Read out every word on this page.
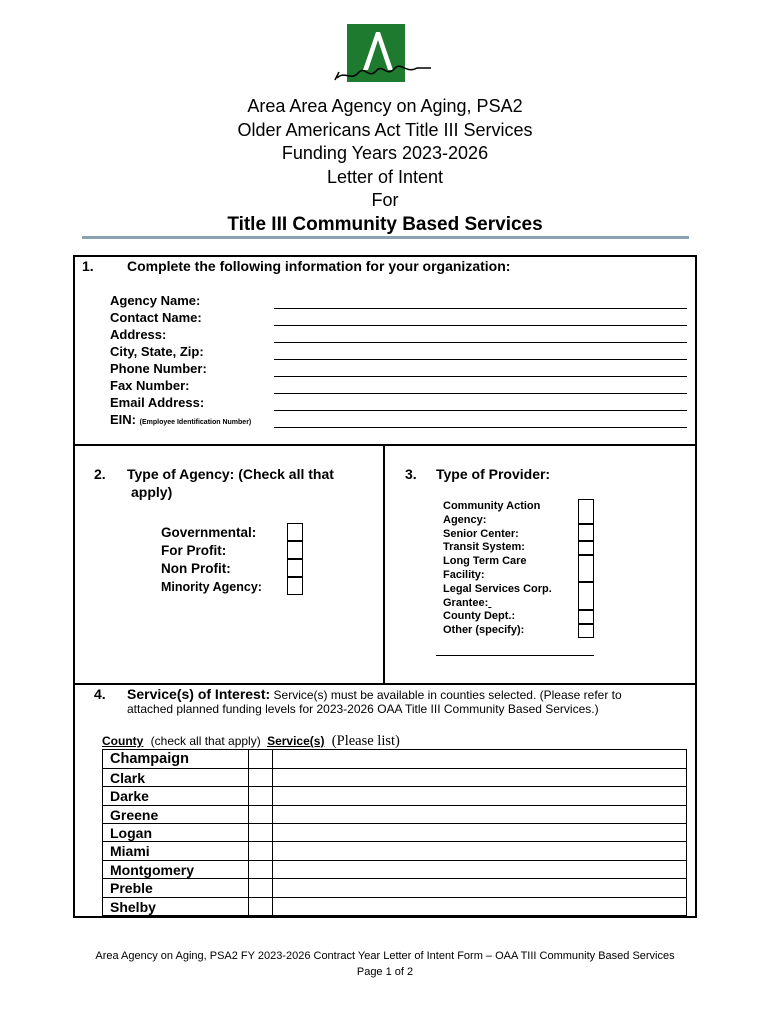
Area Area Agency on Aging, PSA2
Older Americans Act Title III Services
Funding Years 2023-2026
Letter of Intent
For
Title III Community Based Services
1. Complete the following information for your organization:
Agency Name:
Contact Name:
Address:
City, State, Zip:
Phone Number:
Fax Number:
Email Address:
EIN: (Employee Identification Number)
2. Type of Agency: (Check all that
apply)
Governmental:
For Profit:
Non Profit:
Minority Agency:
3. Type of Provider:
Community Action
Agency:
Senior Center:
Transit System:
Long Term Care
Facility:
Legal Services Corp.
Grantee:
County Dept.:
Other (specify):
4. Service(s) of Interest: Service(s) must be available in counties selected. (Please refer to
attached planned funding levels for 2023-2026 OAA Title III Community Based Services.)
County (check all that apply) Service(s) (Please list)
Champaign
Clark
Darke
Greene
Logan
Miami
Montgomery
Preble
Shelby
Area Agency on Aging, PSA2 FY 2023-2026 Contract Year Letter of Intent Form – OAA TIII Community Based Services
Page 1 of 2
